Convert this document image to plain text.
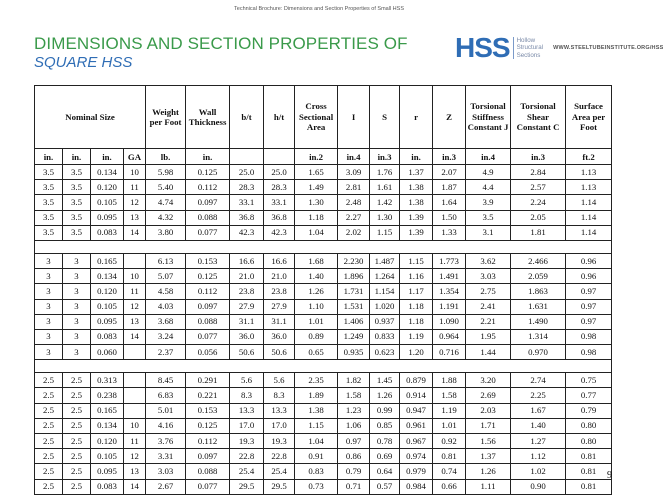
Technical Brochure: Dimensions and Section Properties of Small HSS
DIMENSIONS AND SECTION PROPERTIES OF
SQUARE HSS	HSS	Hollow
Structural
Sections
WWW.STEELTUBEINSTITUTE.ORG/HSS
Nominal Size				Weight per Foot	Wall Thickness	b/t	h/t	Cross Sectional Area	I	S	r	Z	Torsional Stiffness Constant J	Torsional Shear Constant C	Surface Area per Foot
in.	in.	in.	GA	lb.	in.			in.2	in.4	in.3	in.	in.3	in.4	in.3	ft.2
3.5	3.5	0.134	10	5.98	0.125	25.0	25.0	1.65	3.09	1.76	1.37	2.07	4.9	2.84	1.13
3.5	3.5	0.120	11	5.40	0.112	28.3	28.3	1.49	2.81	1.61	1.38	1.87	4.4	2.57	1.13
3.5	3.5	0.105	12	4.74	0.097	33.1	33.1	1.30	2.48	1.42	1.38	1.64	3.9	2.24	1.14
3.5	3.5	0.095	13	4.32	0.088	36.8	36.8	1.18	2.27	1.30	1.39	1.50	3.5	2.05	1.14
3.5	3.5	0.083	14	3.80	0.077	42.3	42.3	1.04	2.02	1.15	1.39	1.33	3.1	1.81	1.14

3	3	0.165		6.13	0.153	16.6	16.6	1.68	2.230	1.487	1.15	1.773	3.62	2.466	0.96
3	3	0.134	10	5.07	0.125	21.0	21.0	1.40	1.896	1.264	1.16	1.491	3.03	2.059	0.96
3	3	0.120	11	4.58	0.112	23.8	23.8	1.26	1.731	1.154	1.17	1.354	2.75	1.863	0.97
3	3	0.105	12	4.03	0.097	27.9	27.9	1.10	1.531	1.020	1.18	1.191	2.41	1.631	0.97
3	3	0.095	13	3.68	0.088	31.1	31.1	1.01	1.406	0.937	1.18	1.090	2.21	1.490	0.97
3	3	0.083	14	3.24	0.077	36.0	36.0	0.89	1.249	0.833	1.19	0.964	1.95	1.314	0.98
3	3	0.060		2.37	0.056	50.6	50.6	0.65	0.935	0.623	1.20	0.716	1.44	0.970	0.98

2.5	2.5	0.313		8.45	0.291	5.6	5.6	2.35	1.82	1.45	0.879	1.88	3.20	2.74	0.75
2.5	2.5	0.238		6.83	0.221	8.3	8.3	1.89	1.58	1.26	0.914	1.58	2.69	2.25	0.77
2.5	2.5	0.165		5.01	0.153	13.3	13.3	1.38	1.23	0.99	0.947	1.19	2.03	1.67	0.79
2.5	2.5	0.134	10	4.16	0.125	17.0	17.0	1.15	1.06	0.85	0.961	1.01	1.71	1.40	0.80
2.5	2.5	0.120	11	3.76	0.112	19.3	19.3	1.04	0.97	0.78	0.967	0.92	1.56	1.27	0.80
2.5	2.5	0.105	12	3.31	0.097	22.8	22.8	0.91	0.86	0.69	0.974	0.81	1.37	1.12	0.81
2.5	2.5	0.095	13	3.03	0.088	25.4	25.4	0.83	0.79	0.64	0.979	0.74	1.26	1.02	0.81
2.5	2.5	0.083	14	2.67	0.077	29.5	29.5	0.73	0.71	0.57	0.984	0.66	1.11	0.90	0.81
9
